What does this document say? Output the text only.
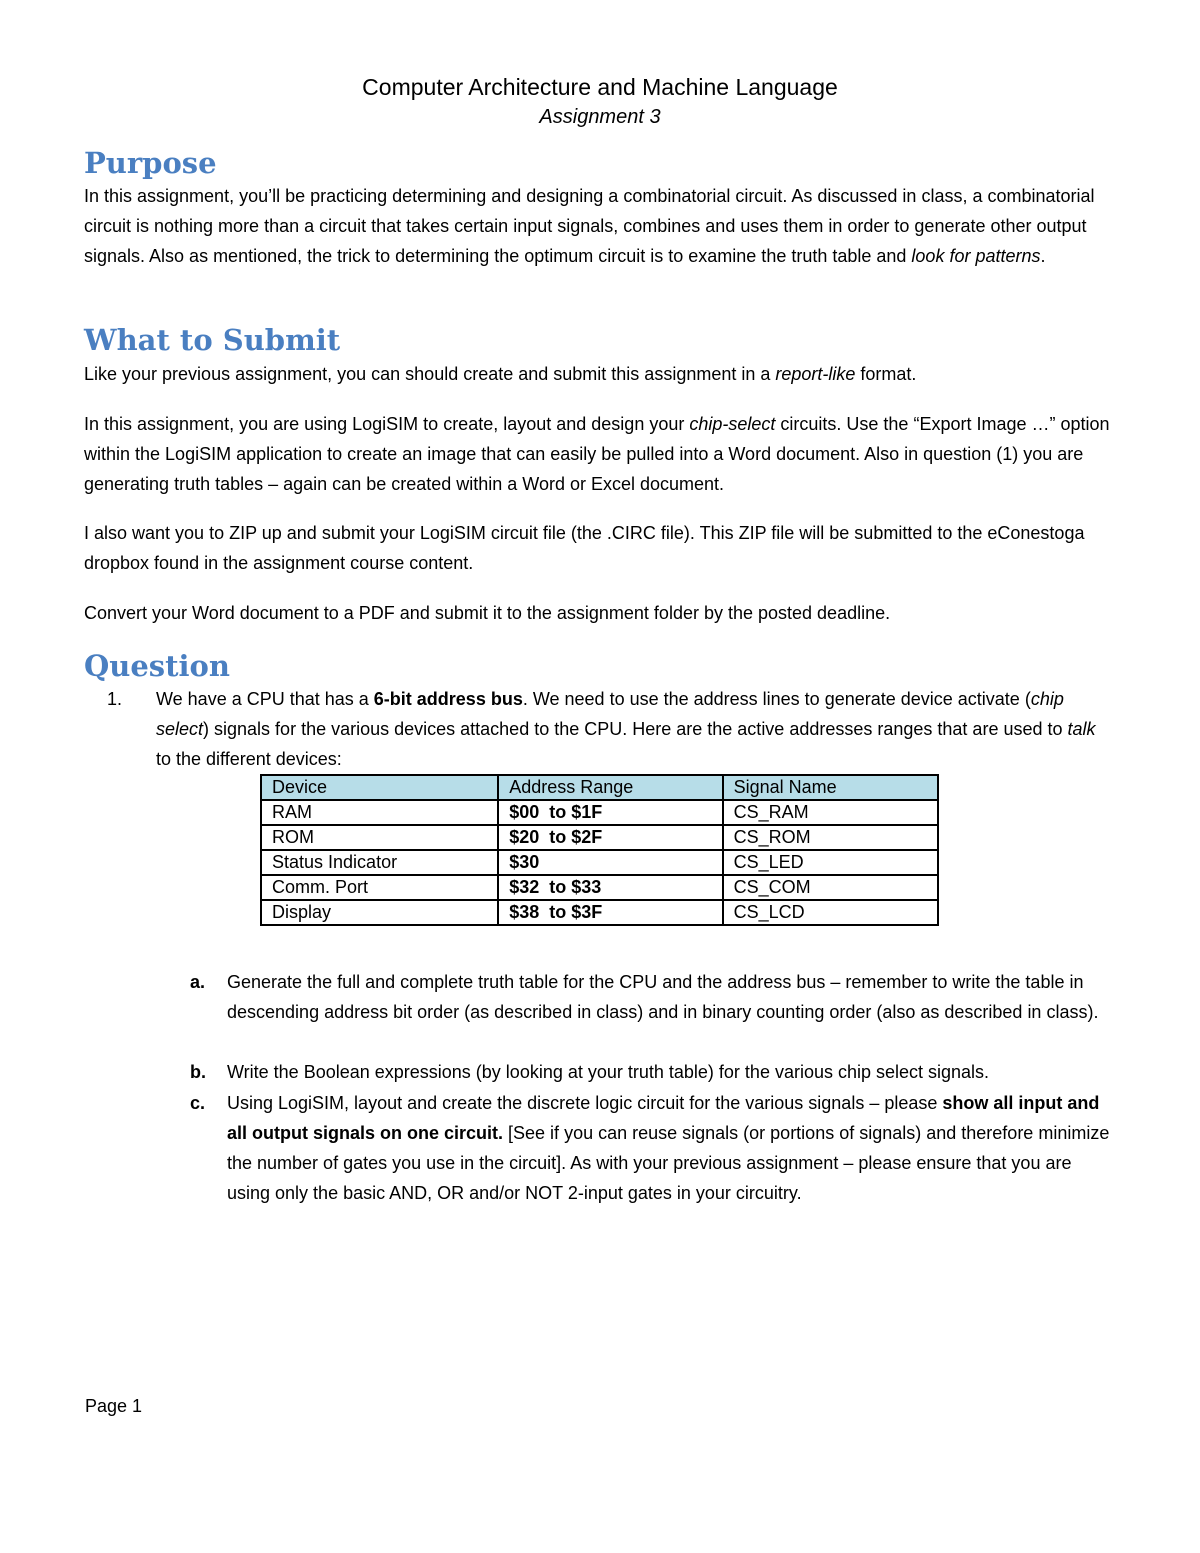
Computer Architecture and Machine Language
Assignment 3
Purpose

In this assignment, you’ll be practicing determining and designing a combinatorial circuit. As discussed in class, a combinatorial circuit is nothing more than a circuit that takes certain input signals, combines and uses them in order to generate other output signals. Also as mentioned, the trick to determining the optimum circuit is to examine the truth table and look for patterns.

What to Submit

Like your previous assignment, you can should create and submit this assignment in a report-like format.

In this assignment, you are using LogiSIM to create, layout and design your chip-select circuits. Use the “Export Image …” option within the LogiSIM application to create an image that can easily be pulled into a Word document. Also in question (1) you are generating truth tables – again can be created within a Word or Excel document.

I also want you to ZIP up and submit your LogiSIM circuit file (the .CIRC file). This ZIP file will be submitted to the eConestoga dropbox found in the assignment course content.

Convert your Word document to a PDF and submit it to the assignment folder by the posted deadline.

Question
1. We have a CPU that has a 6-bit address bus. We need to use the address lines to generate device activate (chip select) signals for the various devices attached to the CPU. Here are the active addresses ranges that are used to talk to the different devices:
Device	Address Range	Signal Name
RAM	$00  to $1F	CS_RAM
ROM	$20  to $2F	CS_ROM
Status Indicator	$30	CS_LED
Comm. Port	$32  to $33	CS_COM
Display	$38  to $3F	CS_LCD
a. Generate the full and complete truth table for the CPU and the address bus – remember to write the table in descending address bit order (as described in class) and in binary counting order (also as described in class).
b. Write the Boolean expressions (by looking at your truth table) for the various chip select signals.
c. Using LogiSIM, layout and create the discrete logic circuit for the various signals – please show all input and all output signals on one circuit. [See if you can reuse signals (or portions of signals) and therefore minimize the number of gates you use in the circuit]. As with your previous assignment – please ensure that you are using only the basic AND, OR and/or NOT 2-input gates in your circuitry.
Page 1
